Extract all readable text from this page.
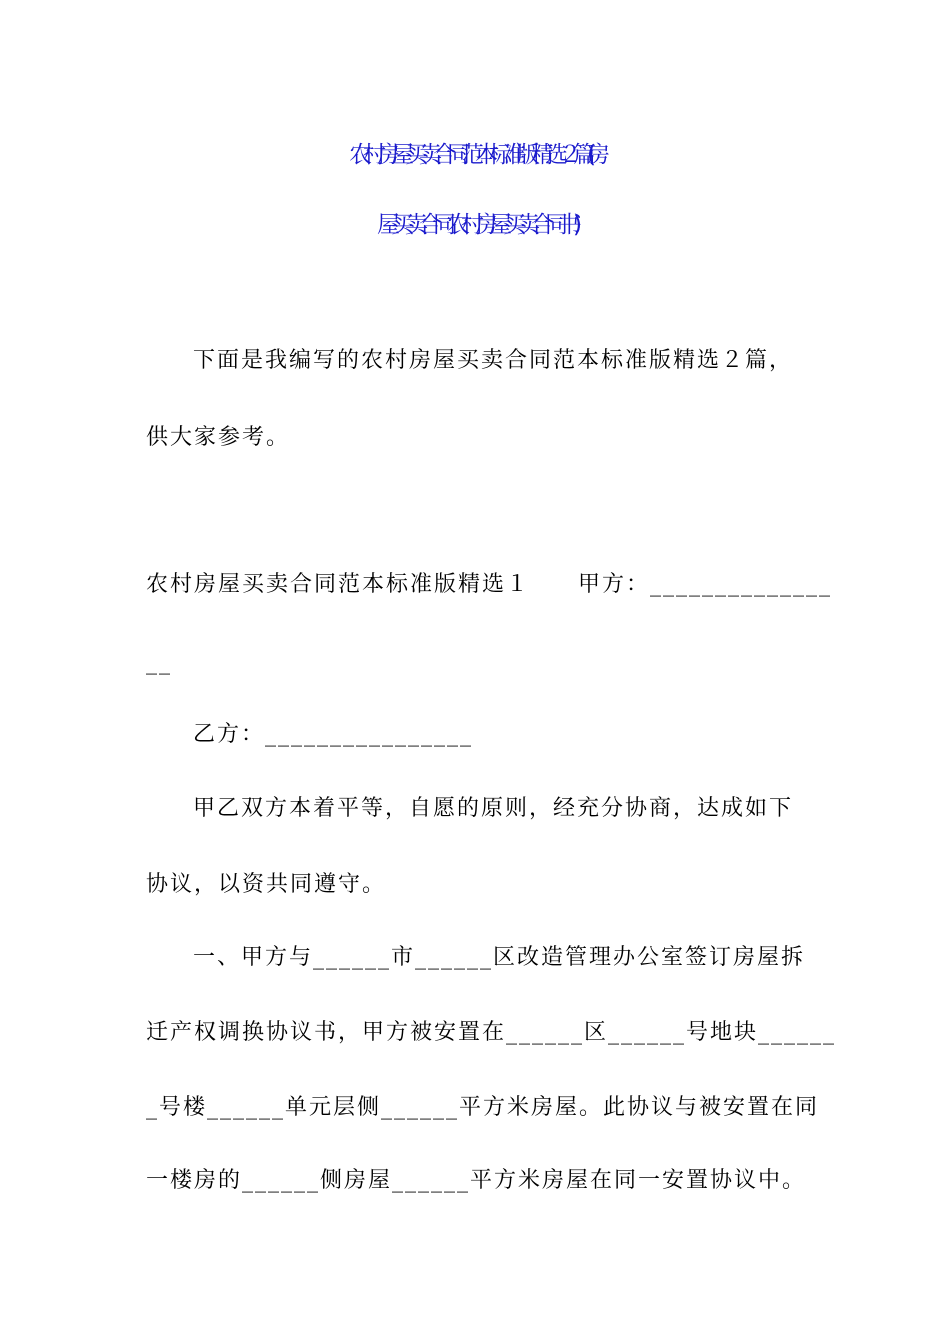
农村房屋买卖合同范本标准版精选２篇(房
屋买卖合同农村房屋买卖合同书)
下面是我编写的农村房屋买卖合同范本标准版精选２篇，
供大家参考。
农村房屋买卖合同范本标准版精选１　　甲方：______________
__
乙方：________________
甲乙双方本着平等，自愿的原则，经充分协商，达成如下
协议，以资共同遵守。
一、甲方与______市______区改造管理办公室签订房屋拆
迁产权调换协议书，甲方被安置在______区______号地块______
_号楼______单元层侧______平方米房屋。此协议与被安置在同
一楼房的______侧房屋______平方米房屋在同一安置协议中。
